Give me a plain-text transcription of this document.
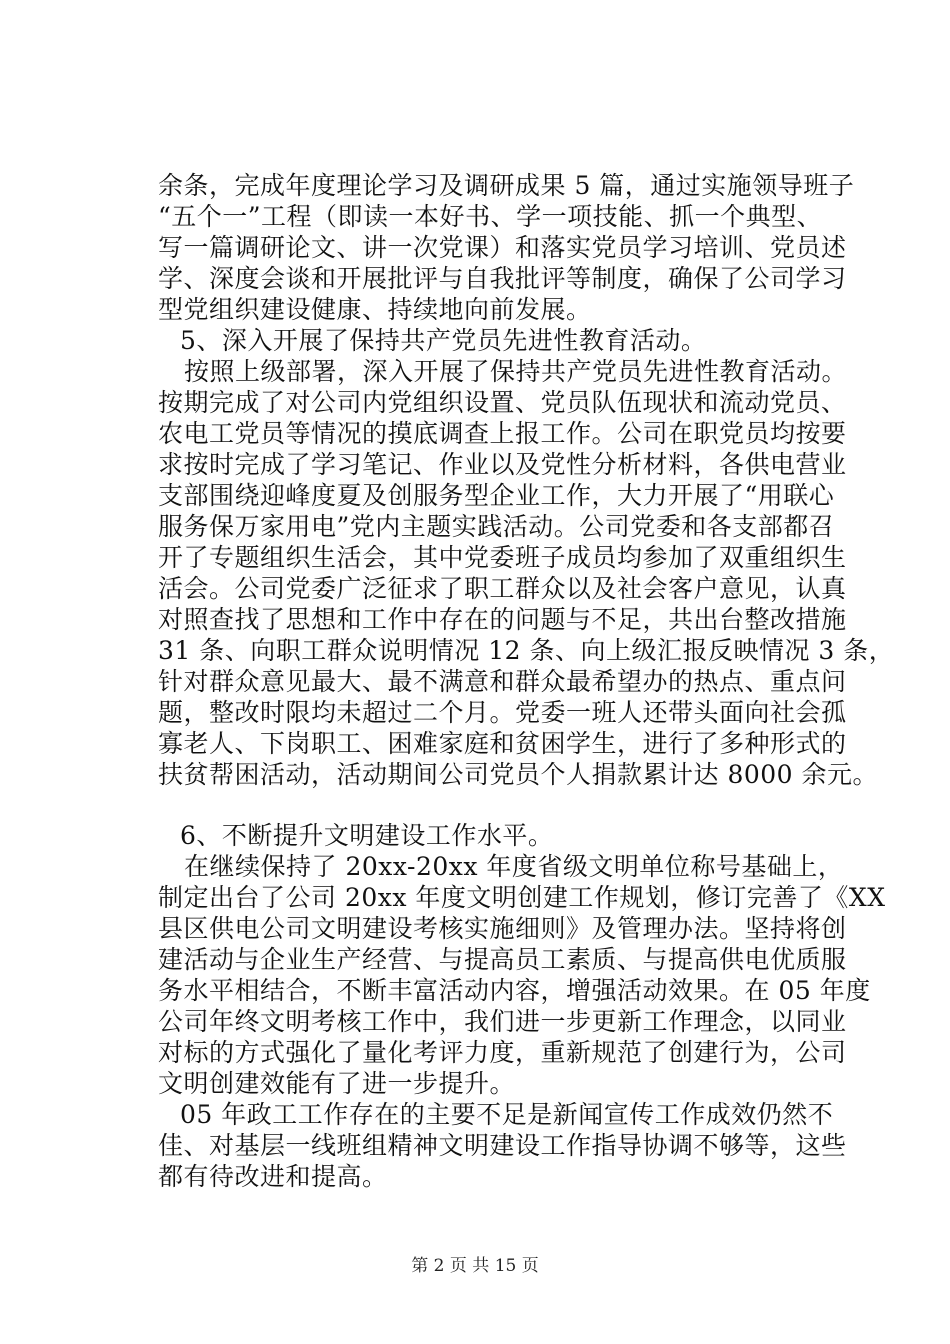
余条，完成年度理论学习及调研成果 5 篇，通过实施领导班子
“五个一”工程（即读一本好书、学一项技能、抓一个典型、
写一篇调研论文、讲一次党课）和落实党员学习培训、党员述
学、深度会谈和开展批评与自我批评等制度，确保了公司学习
型党组织建设健康、持续地向前发展。
5、深入开展了保持共产党员先进性教育活动。
按照上级部署，深入开展了保持共产党员先进性教育活动。
按期完成了对公司内党组织设置、党员队伍现状和流动党员、
农电工党员等情况的摸底调查上报工作。公司在职党员均按要
求按时完成了学习笔记、作业以及党性分析材料，各供电营业
支部围绕迎峰度夏及创服务型企业工作，大力开展了“用联心
服务保万家用电”党内主题实践活动。公司党委和各支部都召
开了专题组织生活会，其中党委班子成员均参加了双重组织生
活会。公司党委广泛征求了职工群众以及社会客户意见，认真
对照查找了思想和工作中存在的问题与不足，共出台整改措施
31 条、向职工群众说明情况 12 条、向上级汇报反映情况 3 条，
针对群众意见最大、最不满意和群众最希望办的热点、重点问
题，整改时限均未超过二个月。党委一班人还带头面向社会孤
寡老人、下岗职工、困难家庭和贫困学生，进行了多种形式的
扶贫帮困活动，活动期间公司党员个人捐款累计达 8000 余元。
6、不断提升文明建设工作水平。
在继续保持了 20xx-20xx 年度省级文明单位称号基础上，
制定出台了公司 20xx 年度文明创建工作规划，修订完善了《XX
县区供电公司文明建设考核实施细则》及管理办法。坚持将创
建活动与企业生产经营、与提高员工素质、与提高供电优质服
务水平相结合，不断丰富活动内容，增强活动效果。在 05 年度
公司年终文明考核工作中，我们进一步更新工作理念，以同业
对标的方式强化了量化考评力度，重新规范了创建行为，公司
文明创建效能有了进一步提升。
05 年政工工作存在的主要不足是新闻宣传工作成效仍然不
佳、对基层一线班组精神文明建设工作指导协调不够等，这些
都有待改进和提高。
第 2 页 共 15 页
